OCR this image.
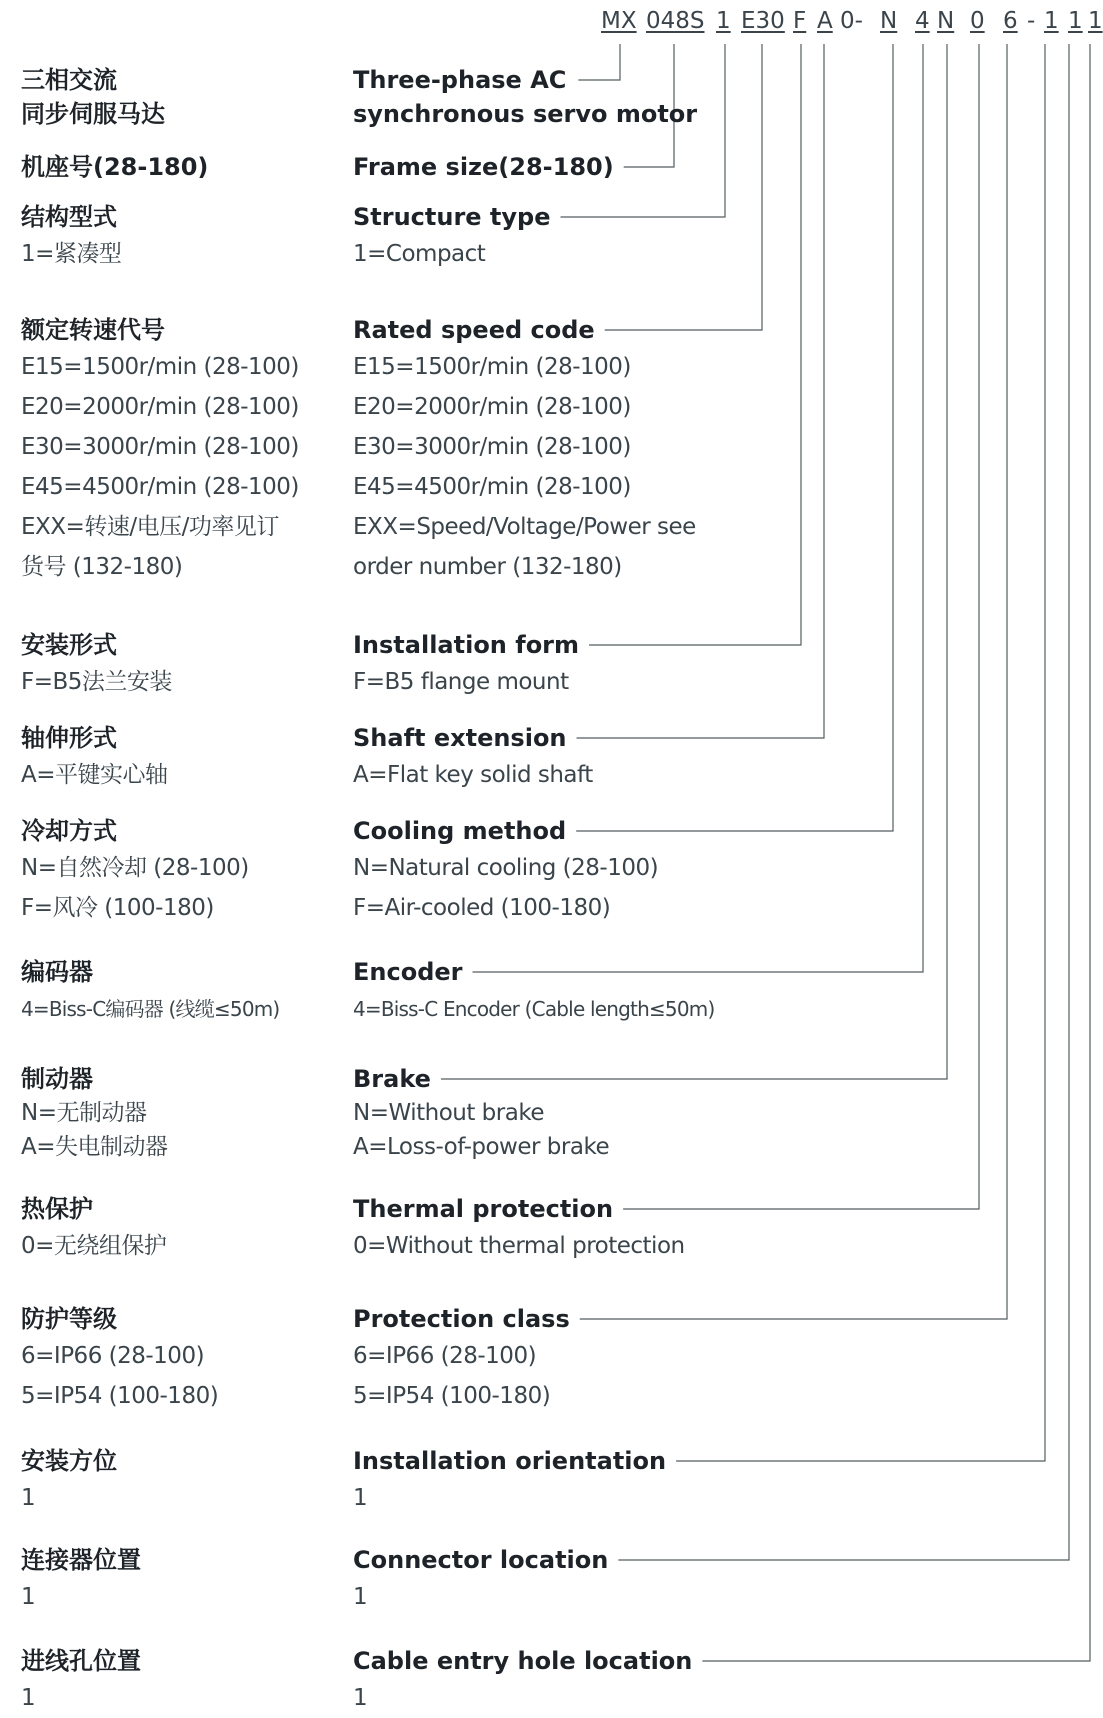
MX 048S 1 E30 F A 0- N 4 N 0 6 - 1 1 1
三相交流
同步伺服马达
Three-phase AC
synchronous servo motor
机座号(28-180)	Frame size(28-180)
结构型式
1=紧凑型
Structure type
1=Compact
额定转速代号
E15=1500r/min (28-100)
E20=2000r/min (28-100)
E30=3000r/min (28-100)
E45=4500r/min (28-100)
EXX=转速/电压/功率见订
货号 (132-180)
Rated speed code
E15=1500r/min (28-100)
E20=2000r/min (28-100)
E30=3000r/min (28-100)
E45=4500r/min (28-100)
EXX=Speed/Voltage/Power see
order number (132-180)
安装形式
F=B5法兰安装
Installation form
F=B5 flange mount
轴伸形式
A=平键实心轴
Shaft extension
A=Flat key solid shaft
冷却方式
N=自然冷却 (28-100)
F=风冷 (100-180)
Cooling method
N=Natural cooling (28-100)
F=Air-cooled (100-180)
编码器
4=Biss-C编码器 (线缆≤50m)
Encoder
4=Biss-C Encoder (Cable length≤50m)
制动器
N=无制动器
A=失电制动器
Brake
N=Without brake
A=Loss-of-power brake
热保护
0=无绕组保护
Thermal protection
0=Without thermal protection
防护等级
6=IP66 (28-100)
5=IP54 (100-180)
Protection class
6=IP66 (28-100)
5=IP54 (100-180)
安装方位
1
Installation orientation
1
连接器位置
1
Connector location
1
进线孔位置
1
Cable entry hole location
1
